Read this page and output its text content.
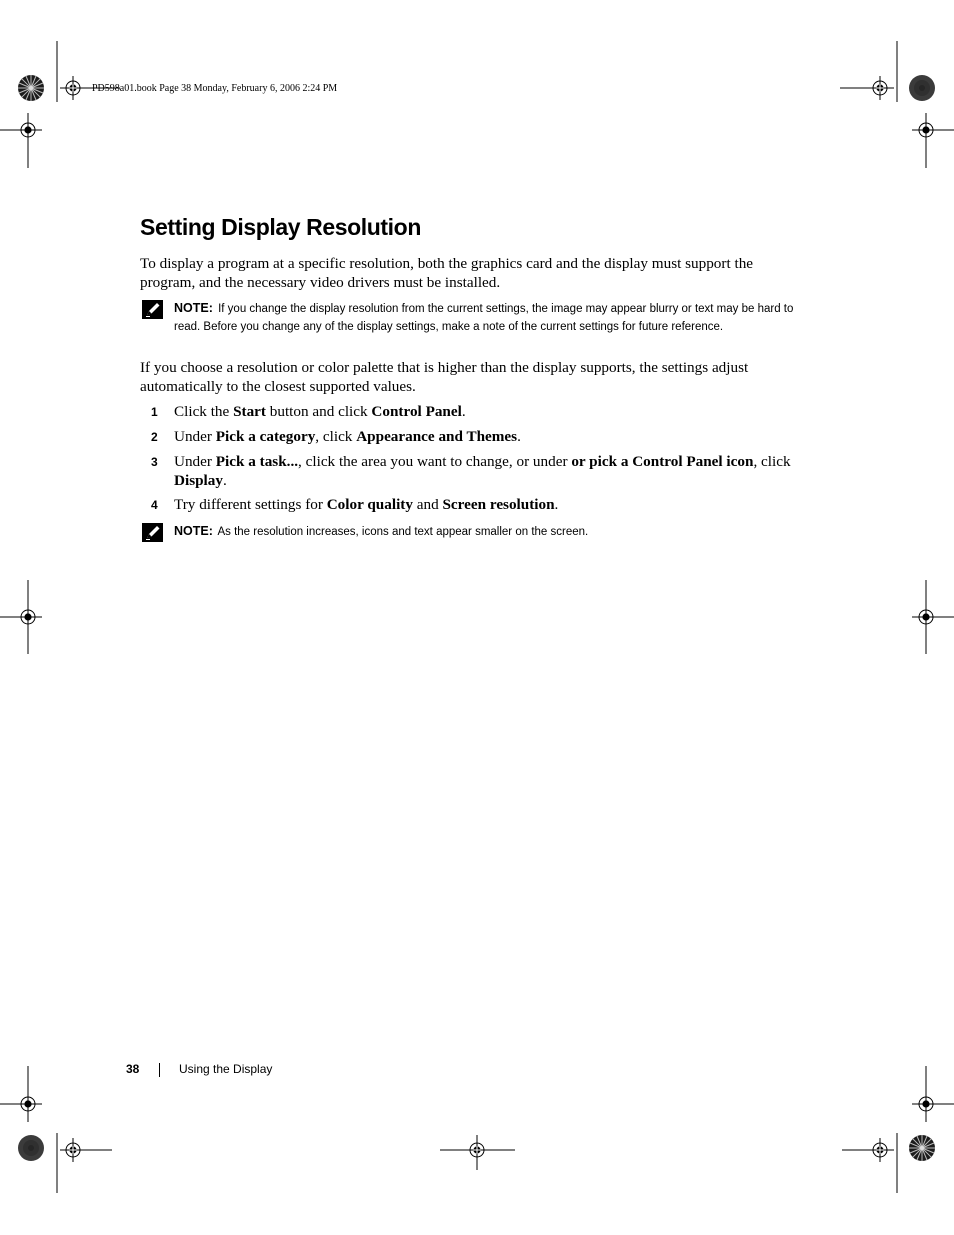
PD598a01.book Page 38 Monday, February 6, 2006 2:24 PM
Setting Display Resolution

To display a program at a specific resolution, both the graphics card and the display must support the program, and the necessary video drivers must be installed.

NOTE: If you change the display resolution from the current settings, the image may appear blurry or text may be hard to read. Before you change any of the display settings, make a note of the current settings for future reference.

If you choose a resolution or color palette that is higher than the display supports, the settings adjust automatically to the closest supported values.

1 Click the Start button and click Control Panel.
2 Under Pick a category, click Appearance and Themes.
3 Under Pick a task..., click the area you want to change, or under or pick a Control Panel icon, click Display.
4 Try different settings for Color quality and Screen resolution.
NOTE: As the resolution increases, icons and text appear smaller on the screen.
38	Using the Display
